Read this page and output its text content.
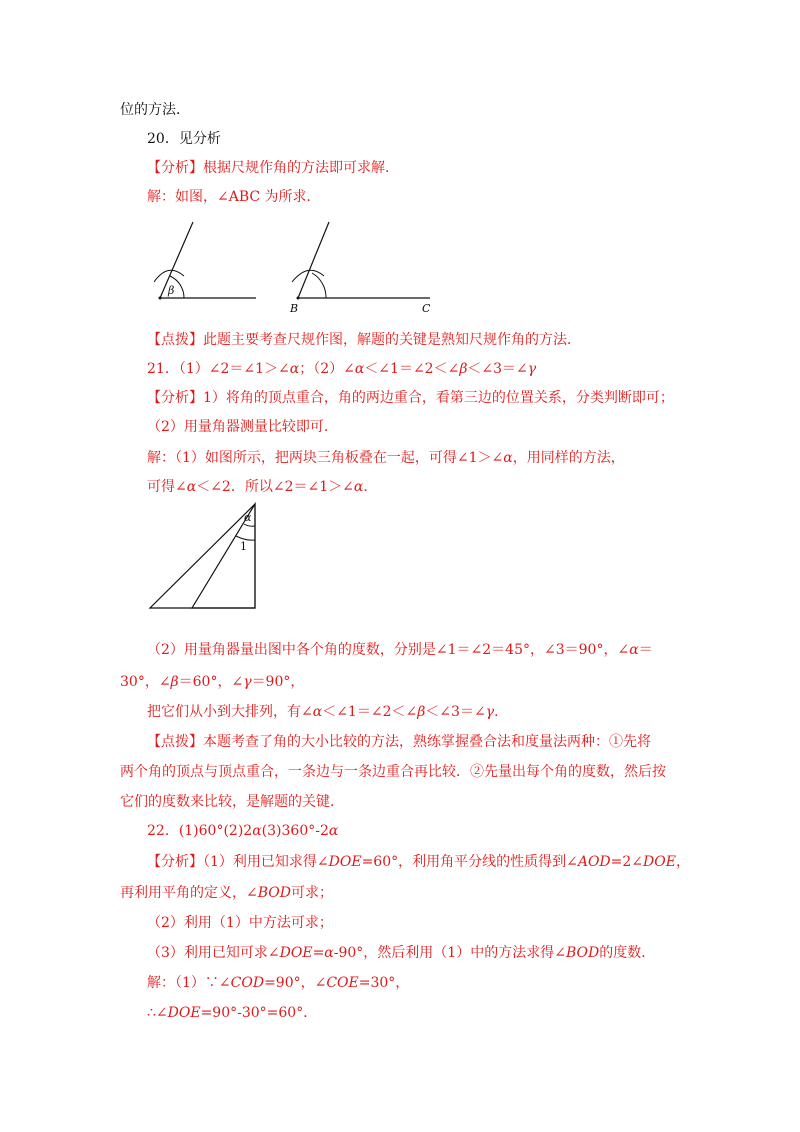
位的方法．
20．见分析
【分析】根据尺规作角的方法即可求解．
解：如图，∠ABC 为所求．
【点拨】此题主要考查尺规作图，解题的关键是熟知尺规作角的方法．
21．（1）∠2＝∠1＞∠α；（2）∠α＜∠1＝∠2＜∠β＜∠3＝∠γ
【分析】1）将角的顶点重合，角的两边重合，看第三边的位置关系，分类判断即可；
（2）用量角器测量比较即可.
解：（1）如图所示，把两块三角板叠在一起，可得∠1＞∠α，用同样的方法，
可得∠α＜∠2．所以∠2＝∠1＞∠α．
（2）用量角器量出图中各个角的度数，分别是∠1＝∠2＝45°，∠3＝90°，∠α＝
30°，∠β＝60°，∠γ＝90°，
把它们从小到大排列，有∠α＜∠1＝∠2＜∠β＜∠3＝∠γ．
【点拨】本题考查了角的大小比较的方法，熟练掌握叠合法和度量法两种：①先将
两个角的顶点与顶点重合，一条边与一条边重合再比较．②先量出每个角的度数，然后按
它们的度数来比较，是解题的关键．
22．(1)60°(2)2α(3)360°-2α
【分析】（1）利用已知求得∠DOE=60°，利用角平分线的性质得到∠AOD=2∠DOE，
再利用平角的定义，∠BOD可求；
（2）利用（1）中方法可求；
（3）利用已知可求∠DOE=α-90°，然后利用（1）中的方法求得∠BOD的度数．
解：（1）∵∠COD=90°，∠COE=30°，
∴∠DOE=90°-30°=60°．
β
B	C
α
1
